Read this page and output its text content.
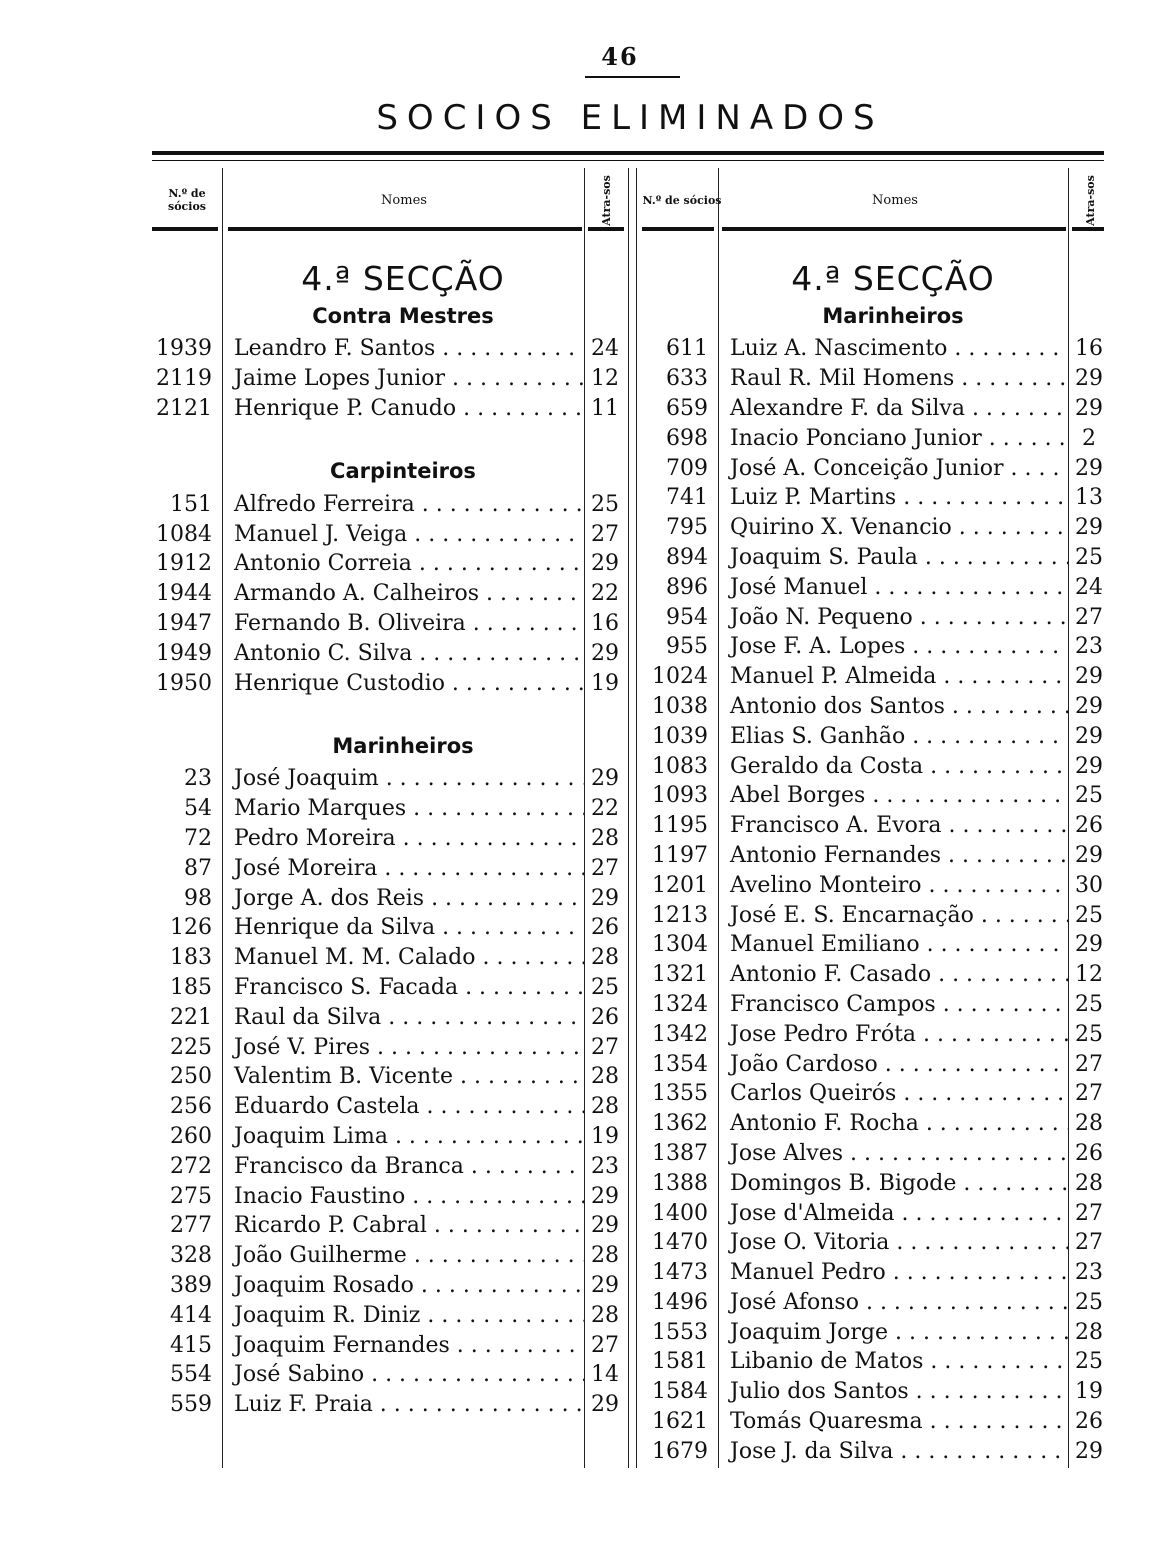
46
SOCIOS ELIMINADOS
N.º de sócios	Nomes	Atra-sos	N.º de sócios	Nomes	Atra-sos
4.ª SECÇÃO
Contra Mestres
1939	Leandro F. Santos . . .	24
2119	Jaime Lopes Junior . . .	12
2121	Henrique P. Canudo . . .	11
Carpinteiros
151	Alfredo Ferreira . . .	25
1084	Manuel J. Veiga . . .	27
1912	Antonio Correia . . .	29
1944	Armando A. Calheiros . . .	22
1947	Fernando B. Oliveira . . .	16
1949	Antonio C. Silva . . .	29
1950	Henrique Custodio . . .	19
Marinheiros
23	José Joaquim . . .	29
54	Mario Marques . . .	22
72	Pedro Moreira . . .	28
87	José Moreira . . .	27
98	Jorge A. dos Reis . . .	29
126	Henrique da Silva . . .	26
183	Manuel M. M. Calado . . .	28
185	Francisco S. Facada . . .	25
221	Raul da Silva . . .	26
225	José V. Pires . . .	27
250	Valentim B. Vicente . . .	28
256	Eduardo Castela . . .	28
260	Joaquim Lima . . .	19
272	Francisco da Branca . . .	23
275	Inacio Faustino . . .	29
277	Ricardo P. Cabral . . .	29
328	João Guilherme . . .	28
389	Joaquim Rosado . . .	29
414	Joaquim R. Diniz . . .	28
415	Joaquim Fernandes . . .	27
554	José Sabino . . .	14
559	Luiz F. Praia . . .	29
4.ª SECÇÃO
Marinheiros
611	Luiz A. Nascimento . . .	16
633	Raul R. Mil Homens . . .	29
659	Alexandre F. da Silva . . .	29
698	Inacio Ponciano Junior . . .	2
709	José A. Conceição Junior . . .	29
741	Luiz P. Martins . . .	13
795	Quirino X. Venancio . . .	29
894	Joaquim S. Paula . . .	25
896	José Manuel . . .	24
954	João N. Pequeno . . .	27
955	Jose F. A. Lopes . . .	23
1024	Manuel P. Almeida . . .	29
1038	Antonio dos Santos . . .	29
1039	Elias S. Ganhão . . .	29
1083	Geraldo da Costa . . .	29
1093	Abel Borges . . .	25
1195	Francisco A. Evora . . .	26
1197	Antonio Fernandes . . .	29
1201	Avelino Monteiro . . .	30
1213	José E. S. Encarnação . . .	25
1304	Manuel Emiliano . . .	29
1321	Antonio F. Casado . . .	12
1324	Francisco Campos . . .	25
1342	Jose Pedro Fróta . . .	25
1354	João Cardoso . . .	27
1355	Carlos Queirós . . .	27
1362	Antonio F. Rocha . . .	28
1387	Jose Alves . . .	26
1388	Domingos B. Bigode . . .	28
1400	Jose d'Almeida . . .	27
1470	Jose O. Vitoria . . .	27
1473	Manuel Pedro . . .	23
1496	José Afonso . . .	25
1553	Joaquim Jorge . . .	28
1581	Libanio de Matos . . .	25
1584	Julio dos Santos . . .	19
1621	Tomás Quaresma . . .	26
1679	Jose J. da Silva . . .	29
